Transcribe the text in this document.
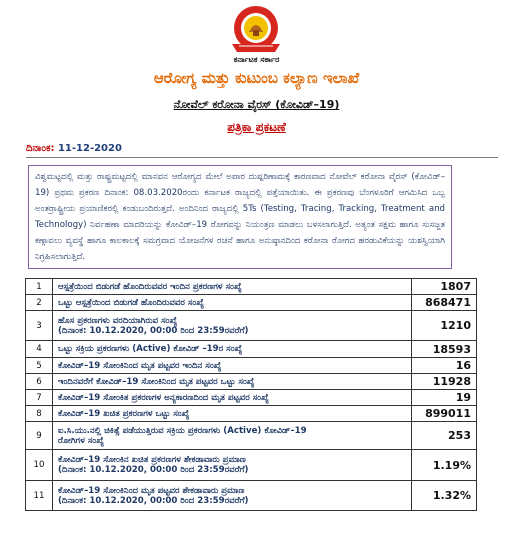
ಕರ್ನಾಟಕ ಸರ್ಕಾರ
ಆರೋಗ್ಯ ಮತ್ತು ಕುಟುಂಬ ಕಲ್ಯಾಣ ಇಲಾಖೆ
ನೋವೆಲ್ ಕರೋನಾ ವೈರಸ್ (ಕೋವಿಡ್–19)
ಪತ್ರಿಕಾ ಪ್ರಕಟಣೆ
ದಿನಾಂಕ: 11-12-2020
ವಿಶ್ವಮಟ್ಟದಲ್ಲಿ ಮತ್ತು ರಾಷ್ಟ್ರಮಟ್ಟದಲ್ಲಿ ಮಾನವನ ಆರೋಗ್ಯದ ಮೇಲೆ ಅಪಾರ ದುಷ್ಪರಿಣಾಮಕ್ಕೆ ಕಾರಣವಾದ ನೋವೆಲ್ ಕರೋನಾ ವೈರಸ್ (ಕೋವಿಡ್–19) ಪ್ರಥಮ ಪ್ರಕರಣ ದಿನಾಂಕ: 08.03.2020ರಂದು ಕರ್ನಾಟಕ ರಾಜ್ಯದಲ್ಲಿ ಪತ್ತೆಯಾಯಿತು. ಈ ಪ್ರಕರಣವು ಬೆಂಗಳೂರಿಗೆ ಆಗಮಿಸಿದ ಒಬ್ಬ ಅಂತರ್ರಾಷ್ಟ್ರೀಯ ಪ್ರಯಾಣಿಕರಲ್ಲಿ ಕಂಡುಬಂದಿರುತ್ತದೆ. ಅಂದಿನಿಂದ ರಾಜ್ಯದಲ್ಲಿ 5Ts (Testing, Tracing, Tracking, Treatment and Technology) ನಿರ್ವಹಣಾ ಮಾದರಿಯನ್ನು ಕೋವಿಡ್–19 ರೋಗವನ್ನು ನಿಯಂತ್ರಣ ಮಾಡಲು ಬಳಸಲಾಗುತ್ತಿದೆ. ಅತ್ಯಂತ ಸಕ್ಷಮ ಹಾಗೂ ಸುಸಜ್ಜತ ಕಣ್ಗಾವಲು ವ್ಯವಸ್ಥೆ ಹಾಗೂ ಕಾಲಕಾಲಕ್ಕೆ ಸಮಗ್ರವಾದ ಯೋಜನೆಗಳ ರಚನೆ ಹಾಗೂ ಅನುಷ್ಠಾನದಿಂದ ಕರೋನಾ ರೋಗದ ಹರಡುವಿಕೆಯನ್ನು ಯಶಸ್ವಿಯಾಗಿ ನಿಗ್ರಹಿಸಲಾಗುತ್ತಿದೆ.
1	ಆಸ್ಪತ್ರೆಯಿಂದ ಬಿಡುಗಡೆ ಹೊಂದಿರುವವರ ಇಂದಿನ ಪ್ರಕರಣಗಳ ಸಂಖ್ಯೆ	1807
2	ಒಟ್ಟು ಆಸ್ಪತ್ರೆಯಿಂದ ಬಿಡುಗಡೆ ಹೊಂದಿರುವವರ ಸಂಖ್ಯೆ	868471
3	ಹೊಸ ಪ್ರಕರಣಗಳು ವರದಿಯಾಗಿರುವ ಸಂಖ್ಯೆ
(ದಿನಾಂಕ: 10.12.2020, 00:00 ರಿಂದ 23:59ರವರೆಗೆ)	1210
4	ಒಟ್ಟು ಸಕ್ರಿಯ ಪ್ರಕರಣಗಳು (Active) ಕೋವಿಡ್ –19ರ ಸಂಖ್ಯೆ	18593
5	ಕೋವಿಡ್–19 ಸೋಂಕಿನಿಂದ ಮೃತ ಪಟ್ಟವರ ಇಂದಿನ ಸಂಖ್ಯೆ	16
6	ಇಂದಿನವರೆಗೆ ಕೋವಿಡ್–19 ಸೋಂಕಿನಿಂದ ಮೃತ ಪಟ್ಟವರ ಒಟ್ಟು ಸಂಖ್ಯೆ	11928
7	ಕೋವಿಡ್–19 ಸೋಂಕಿತ ಪ್ರಕರಣಗಳ ಅನ್ಯಕಾರಣದಿಂದ ಮೃತ ಪಟ್ಟವರ ಸಂಖ್ಯೆ	19
8	ಕೋವಿಡ್–19 ಖಚಿತ ಪ್ರಕರಣಗಳ ಒಟ್ಟು ಸಂಖ್ಯೆ	899011
9	ಐ.ಸಿ.ಯು.ನಲ್ಲಿ ಚಿಕಿತ್ಸೆ ಪಡೆಯುತ್ತಿರುವ ಸಕ್ರಿಯ ಪ್ರಕರಣಗಳು (Active) ಕೋವಿಡ್–19
ರೋಗಿಗಳ ಸಂಖ್ಯೆ	253
10	ಕೋವಿಡ್–19 ಸೋಂಕಿನ ಖಚಿತ ಪ್ರಕರಣಗಳ ಶೇಕಡಾವಾರು ಪ್ರಮಾಣ
(ದಿನಾಂಕ: 10.12.2020, 00:00 ರಿಂದ 23:59ರವರೆಗೆ)	1.19%
11	ಕೋವಿಡ್–19 ಸೋಂಕಿನಿಂದ ಮೃತ ಪಟ್ಟವರ ಶೇಕಡಾವಾರು ಪ್ರಮಾಣ
(ದಿನಾಂಕ: 10.12.2020, 00:00 ರಿಂದ 23:59ರವರೆಗೆ)	1.32%
